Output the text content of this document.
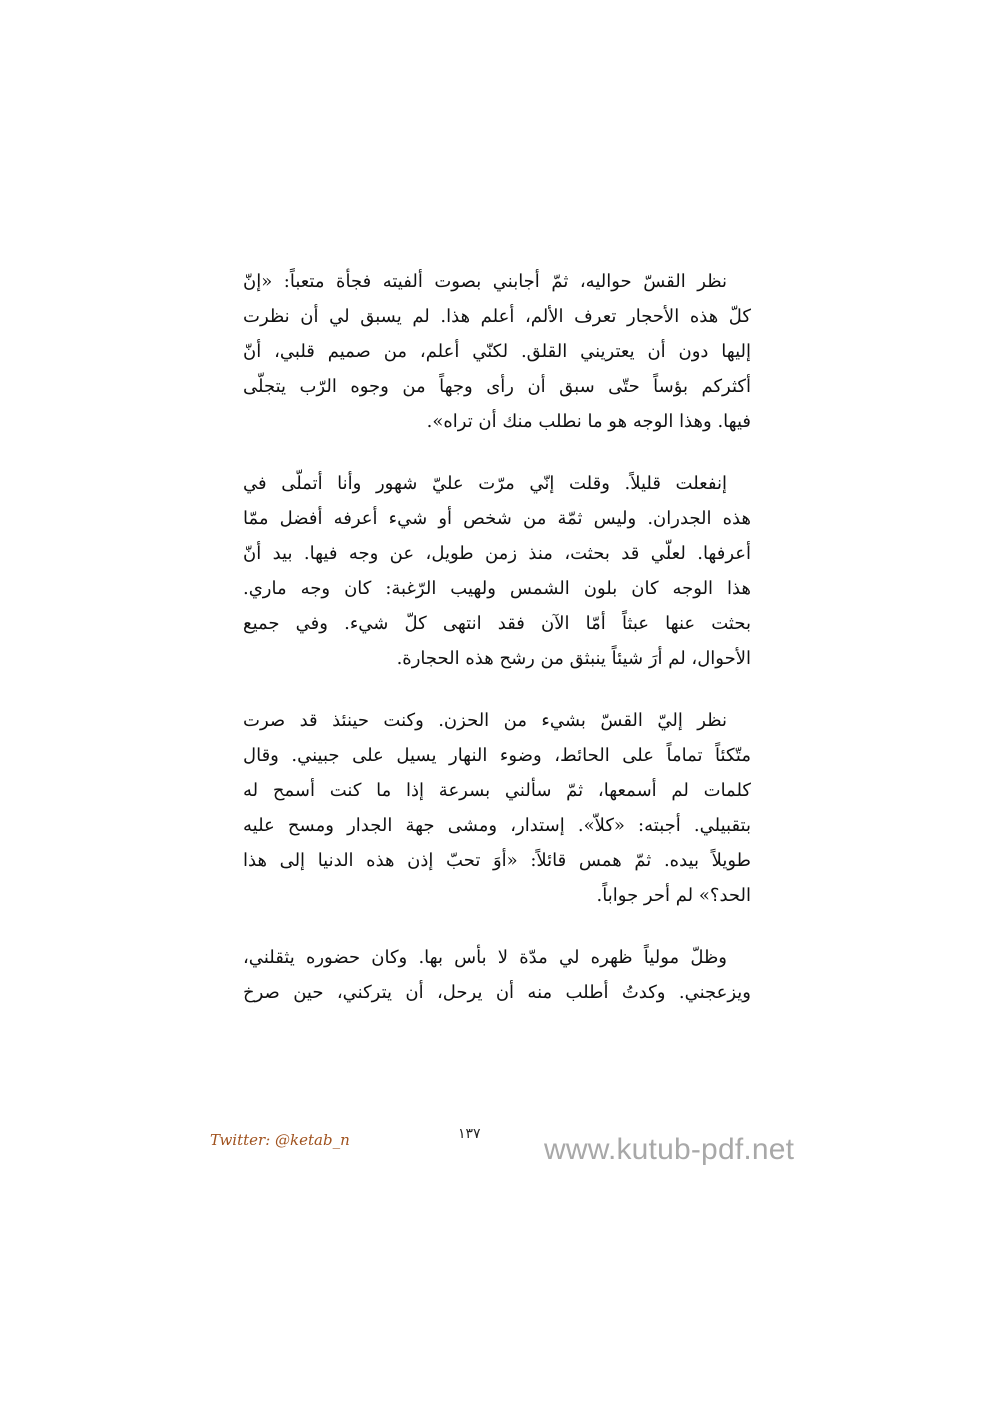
نظر القسّ حواليه، ثمّ أجابني بصوت ألفيته فجأة متعباً: «إنّ
كلّ هذه الأحجار تعرف الألم، أعلم هذا. لم يسبق لي أن نظرت
إليها دون أن يعتريني القلق. لكنّي أعلم، من صميم قلبي، أنّ
أكثركم بؤساً حتّى سبق أن رأى وجهاً من وجوه الرّب يتجلّى
فيها. وهذا الوجه هو ما نطلب منك أن تراه».
إنفعلت قليلاً. وقلت إنّي مرّت عليّ شهور وأنا أتملّى في
هذه الجدران. وليس ثمّة من شخص أو شيء أعرفه أفضل ممّا
أعرفها. لعلّي قد بحثت، منذ زمن طويل، عن وجه فيها. بيد أنّ
هذا الوجه كان بلون الشمس ولهيب الرّغبة: كان وجه ماري.
بحثت عنها عبثاً أمّا الآن فقد انتهى كلّ شيء. وفي جميع
الأحوال، لم أرَ شيئاً ينبثق من رشح هذه الحجارة.
نظر إليّ القسّ بشيء من الحزن. وكنت حينئذ قد صرت
متّكئاً تماماً على الحائط، وضوء النهار يسيل على جبيني. وقال
كلمات لم أسمعها، ثمّ سألني بسرعة إذا ما كنت أسمح له
بتقبيلي. أجبته: «كلاّ». إستدار، ومشى جهة الجدار ومسح عليه
طويلاً بيده. ثمّ همس قائلاً: «أوَ تحبّ إذن هذه الدنيا إلى هذا
الحد؟» لم أحر جواباً.
وظلّ مولياً ظهره لي مدّة لا بأس بها. وكان حضوره يثقلني،
ويزعجني. وكدتُ أطلب منه أن يرحل، أن يتركني، حين صرخ
Twitter: @ketab_n	١٣٧ www.kutub-pdf.net
